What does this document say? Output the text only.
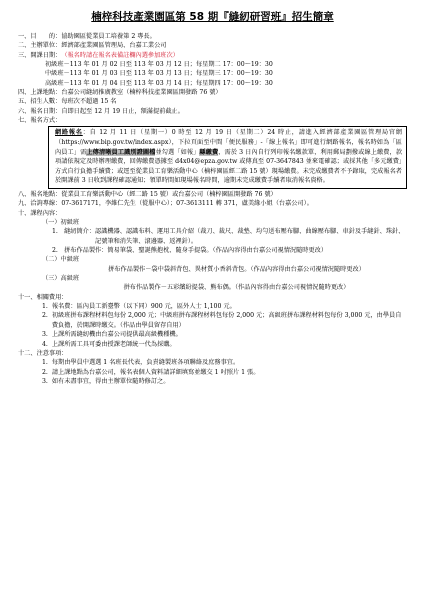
楠梓科技產業園區第 58 期『縫紉研習班』招生簡章
一、 目　　的： 協助園區從業員工培養第 2 專長。
二、 主辦單位： 經濟部產業園區管理局、台嘉工業公司
三、 開課日期： （報名時請在報名表備註欄內選參加班次）
初級班－113 年 01 月 02 日至 113 年 03 月 12 日；每星期二 17：00～19：30
中級班－113 年 01 月 03 日至 113 年 03 月 13 日；每星期三 17：00～19：30
高級班－113 年 01 月 04 日至 113 年 03 月 14 日；每星期四 17：00～19：30
四、 上課地點： 台嘉公司縫紉推廣教室（楠梓科技產業園區開發路 76 號）
五、 招生人數： 每班次不超過 15 名
六、 報名日期： 自即日起至 12 月 19 日止，額滿提前截止。
七、 報名方式：
網路報名：自 12 月 11 日（星期一）0 時至 12 月 19 日（星期二）24 時止，請進入經濟部產業園區管理局官網（https://www.bip.gov.tw/index.aspx），下拉頁面至中間「便民服務」-「線上報名」即可進行網路報名，報名時如為「區內員工」需上傳清晰員工識別證圖檔並勾選「如報」縣繳費，需於 3 日內自行列印報名繳款單，利用郵局劃撥或線上繳費，款項請依規定及時辦理繳費，回傳繳費憑據至 d4x04@epza.gov.tw 或傳真至 07-3647843 並來電確認；或採其他「多元繳費」方式自行負擔手續費；或逕至從業員工育樂活動中心（楠梓園區經二路 15 號）現場繳費。未完成繳費者不予錄取，完成報名者於開課前 3 日收到課程確認通知；領單時間如現場報名時間，逾期未完成繳費手續者取消報名資格。
八、 報名地點： 從業員工育樂活動中心（經二路 15 號）或台嘉公司（楠梓園區開發路 76 號）
九、 洽詢專線： 07-3617171，李維仁先生（從服中心）；07-3613111 轉 371，盧美緣小姐（台嘉公司）。
十、 課程內容：
（一）初級班
1.　縫紉簡介： 認識機器、認識布料、運用工具介紹（裁刀、裁尺、裁墊、均勻送布壓布腳、曲線壓布腳、車針及手縫針、珠針、記號筆和消失筆、滾邊器、返裡針）。
2.　拼布作品製作： 簡易筆袋、聖誕熊抱枕、隨身手提袋。（作品內容得由台嘉公司視情況隨時更改）
（二）中級班
拼布作品製作－袋中袋斜背包、異材質小香斜背包。（作品內容得由台嘉公司視情況隨時更改）
（三）高級班
拼布作品製作－五彩繽紛提袋、熊布偶。（作品內容得由台嘉公司視情況隨時更改）
十一、 相關費用：
1.
報名費：區內員工新臺幣（以下同）900 元，區外人士 1,100 元。
2.
初級班拼布課程材料包每份 2,000 元；中級班拼布課程材料包每份 2,000 元；高級班拼布課程材料包每份 3,000 元，由學員自費負擔，於開課時繳交。（作品由學員留存自用）
3.
上課所需縫紉機由台嘉公司提供最高級機種機。
4.
上課所需工具可委由授課老師統一代為採購。
十二、 注意事項：
1.
每期由學員中選選 1 名班長代表，負責縫製班各項聯絡及庶務事宜。
2.
請上課地點為台嘉公司，報名表個人資料請詳細填寫並繳交 1 吋照片 1 張。
3.
如有未盡事宜，得由主辦單位隨時修訂之。
